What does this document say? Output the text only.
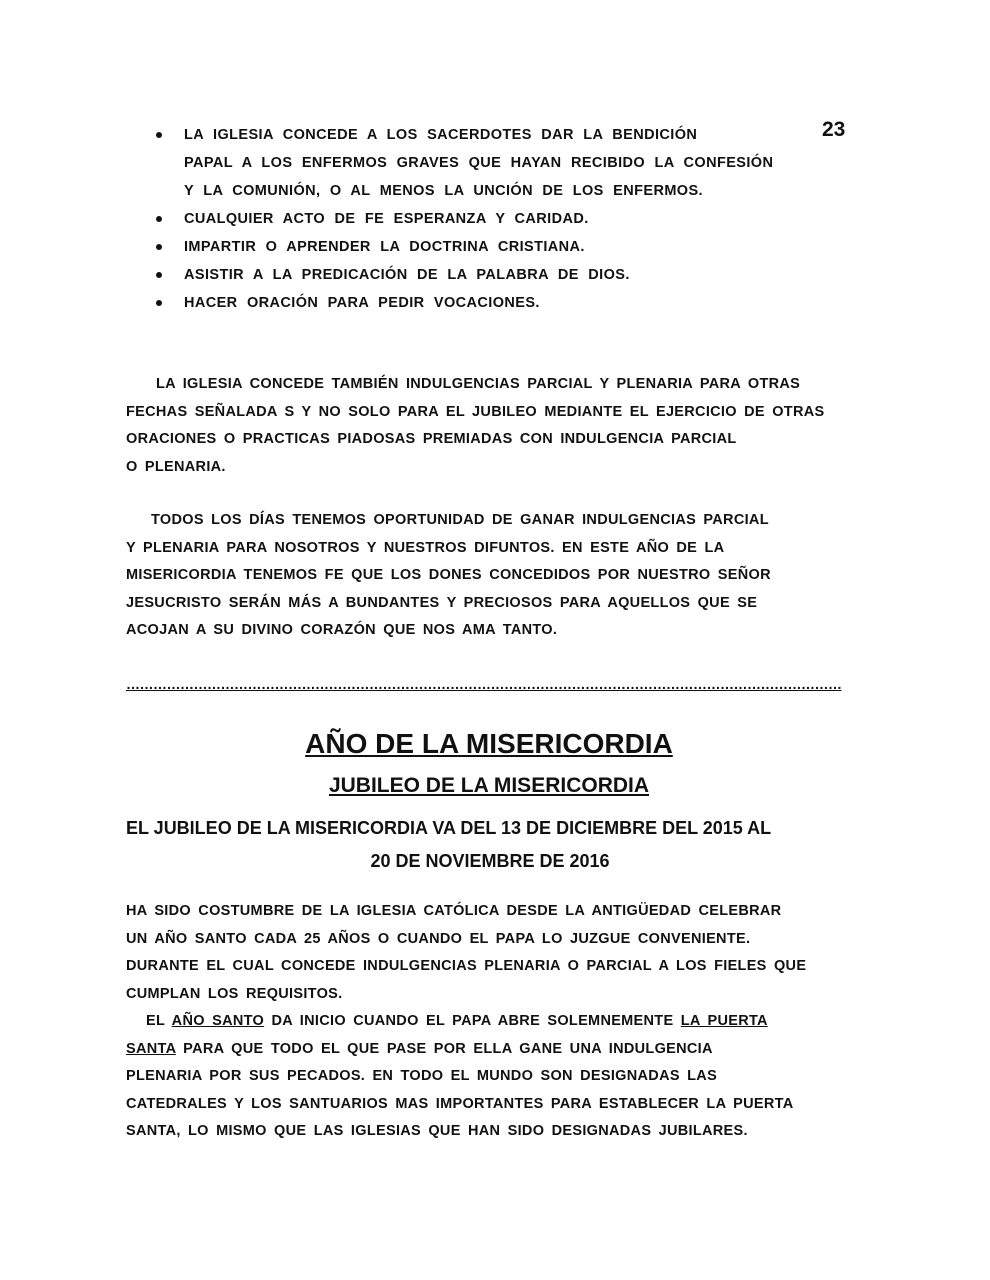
23
LA IGLESIA CONCEDE A LOS SACERDOTES DAR LA BENDICIÓN
PAPAL A LOS ENFERMOS GRAVES QUE HAYAN RECIBIDO LA CONFESIÓN
Y LA COMUNIÓN, O AL MENOS LA UNCIÓN DE LOS ENFERMOS.
CUALQUIER ACTO DE FE ESPERANZA Y CARIDAD.
IMPARTIR O APRENDER LA DOCTRINA CRISTIANA.
ASISTIR A LA PREDICACIÓN DE LA PALABRA DE DIOS.
HACER ORACIÓN PARA PEDIR VOCACIONES.
LA IGLESIA CONCEDE TAMBIÉN INDULGENCIAS PARCIAL Y PLENARIA PARA OTRAS
FECHAS SEÑALADA S Y NO SOLO PARA EL JUBILEO MEDIANTE EL EJERCICIO DE OTRAS
ORACIONES O PRACTICAS PIADOSAS PREMIADAS CON INDULGENCIA PARCIAL
O PLENARIA.
TODOS LOS DÍAS TENEMOS OPORTUNIDAD DE GANAR INDULGENCIAS PARCIAL
Y PLENARIA PARA NOSOTROS Y NUESTROS DIFUNTOS. EN ESTE AÑO DE LA
MISERICORDIA TENEMOS FE QUE LOS DONES CONCEDIDOS POR NUESTRO SEÑOR
JESUCRISTO SERÁN MÁS A BUNDANTES Y PRECIOSOS PARA AQUELLOS QUE SE
ACOJAN A SU DIVINO CORAZÓN QUE NOS AMA TANTO.
……………………………………………………………………………………………………………………………………………
AÑO DE LA MISERICORDIA
JUBILEO DE LA MISERICORDIA
EL JUBILEO DE LA MISERICORDIA VA DEL 13 DE DICIEMBRE DEL 2015 AL
20 DE NOVIEMBRE DE 2016
HA SIDO COSTUMBRE DE LA IGLESIA CATÓLICA DESDE LA ANTIGÜEDAD CELEBRAR
UN AÑO SANTO CADA 25 AÑOS O CUANDO EL PAPA LO JUZGUE CONVENIENTE.
DURANTE EL CUAL CONCEDE INDULGENCIAS PLENARIA O PARCIAL A LOS FIELES QUE
CUMPLAN LOS REQUISITOS.
EL AÑO SANTO DA INICIO CUANDO EL PAPA ABRE SOLEMNEMENTE LA PUERTA
SANTA PARA QUE TODO EL QUE PASE POR ELLA GANE UNA INDULGENCIA
PLENARIA POR SUS PECADOS. EN TODO EL MUNDO SON DESIGNADAS LAS
CATEDRALES Y LOS SANTUARIOS MAS IMPORTANTES PARA ESTABLECER LA PUERTA
SANTA, LO MISMO QUE LAS IGLESIAS QUE HAN SIDO DESIGNADAS JUBILARES.
